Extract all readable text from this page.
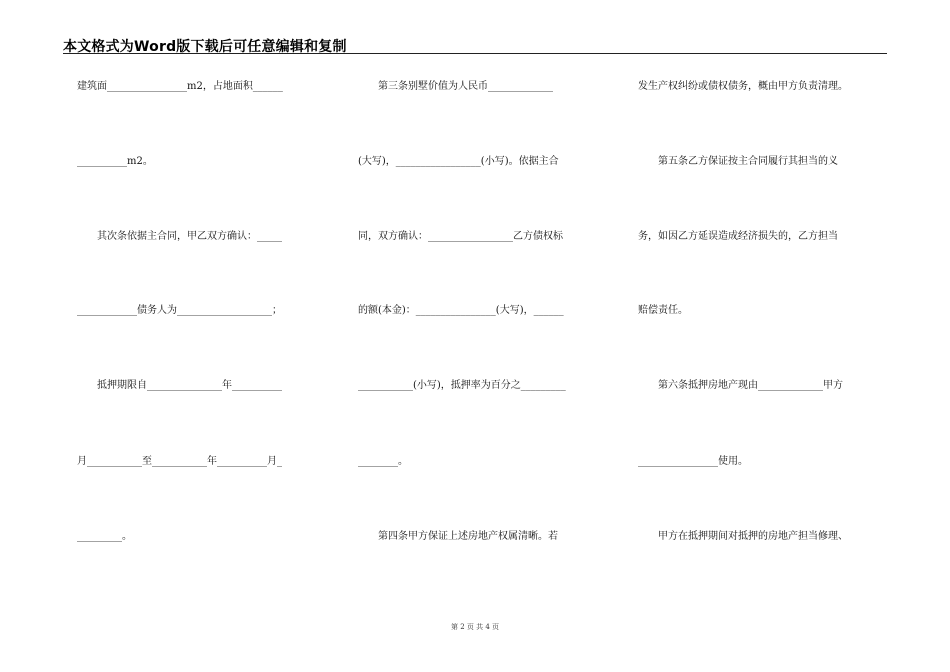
本文格式为Word版下载后可任意编辑和复制
建筑面________________m2，占地面积______
__________m2。
　　其次条依据主合同，甲乙双方确认：_____
____________债务人为___________________；
　　抵押期限自_______________年__________
月___________至___________年__________月_
_________。
　　第三条别墅价值为人民币_____________
(大写)，_________________(小写)。依据主合
同，双方确认：_________________乙方债权标
的额(本金)：________________(大写)，______
___________(小写)，抵押率为百分之_________
________。
　　第四条甲方保证上述房地产权属清晰。若
发生产权纠纷或债权债务，概由甲方负责清理。
　　第五条乙方保证按主合同履行其担当的义
务，如因乙方延误造成经济损失的，乙方担当
赔偿责任。
　　第六条抵押房地产现由_____________甲方
________________使用。
　　甲方在抵押期间对抵押的房地产担当修理、
第 2 页 共 4 页
